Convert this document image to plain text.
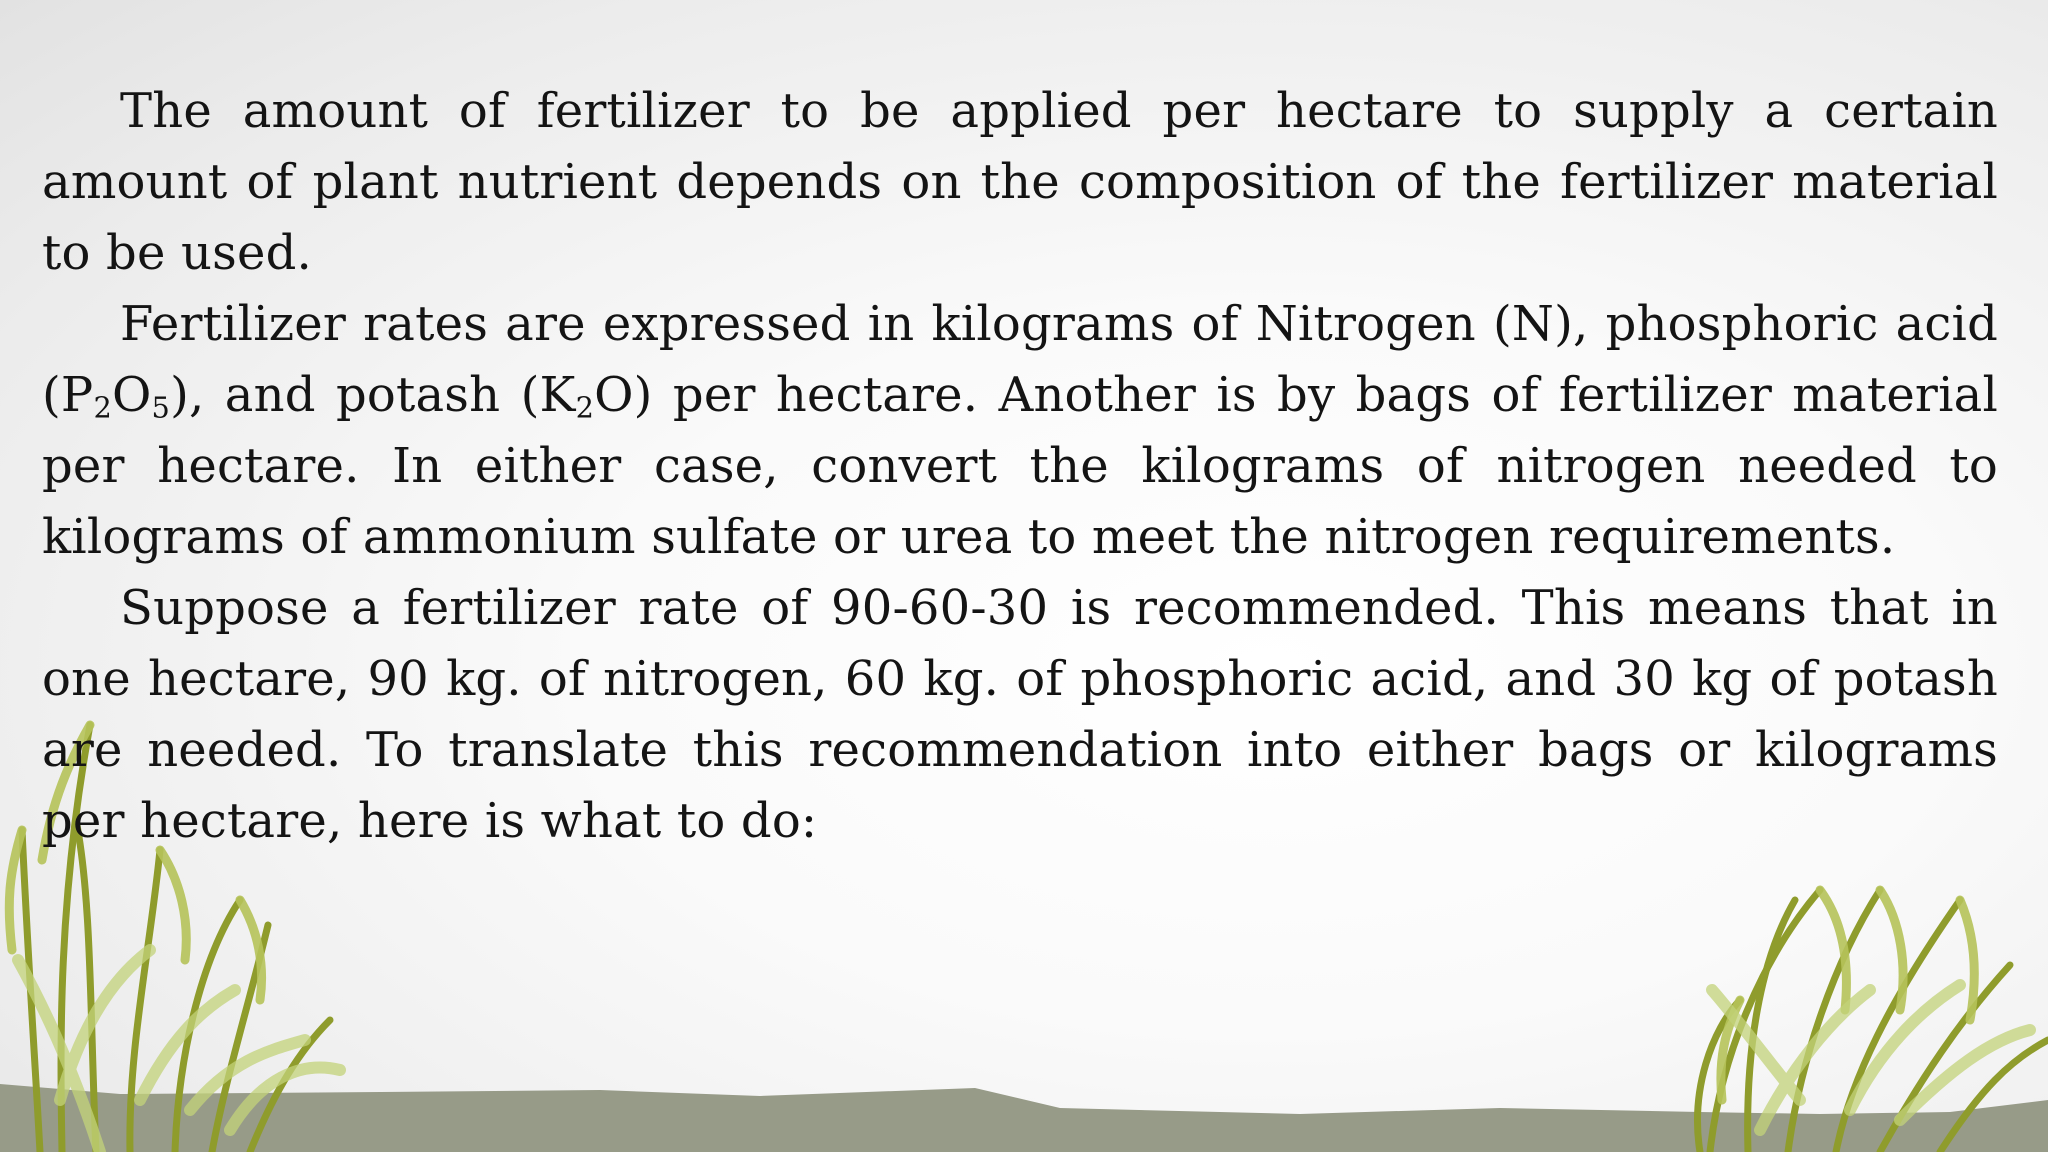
The amount of fertilizer to be applied per hectare to supply a certain amount of plant nutrient depends on the composition of the fertilizer material to be used.

Fertilizer rates are expressed in kilograms of Nitrogen (N), phosphoric acid $(P_2O_5)$, and potash $(K_2O)$ per hectare. Another is by bags of fertilizer material per hectare. In either case, convert the kilograms of nitrogen needed to kilograms of ammonium sulfate or urea to meet the nitrogen requirements.

Suppose a fertilizer rate of 90-60-30 is recommended. This means that in one hectare, 90 kg. of nitrogen, 60 kg. of phosphoric acid, and 30 kg of potash are needed. To translate this recommendation into either bags or kilograms per hectare, here is what to do:
